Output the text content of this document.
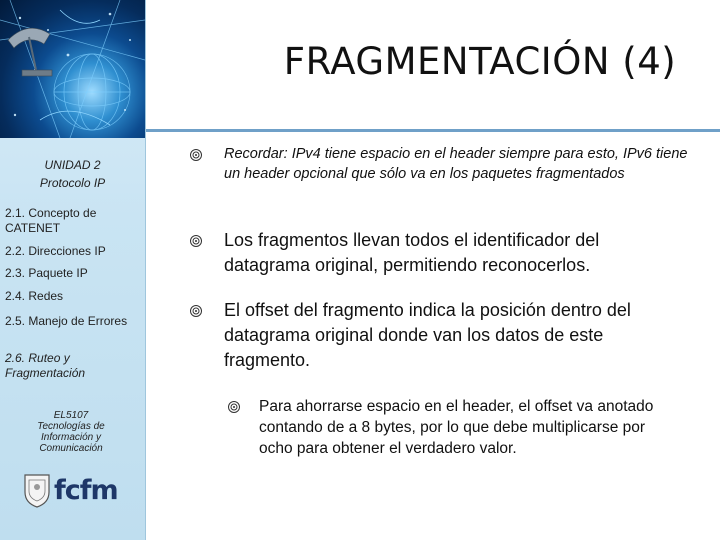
UNIDAD 2
Protocolo IP
2.1. Concepto de CATENET
2.2. Direcciones IP
2.3. Paquete IP
2.4. Redes
2.5. Manejo de Errores
2.6. Ruteo y Fragmentación
EL5107
Tecnologías de
Información y
Comunicación
fcfm
FRAGMENTACIÓN (4)
Recordar: IPv4 tiene espacio en el header siempre para esto, IPv6 tiene un header opcional que sólo va en los paquetes fragmentados
Los fragmentos llevan todos el identificador del datagrama original, permitiendo reconocerlos.
El offset del fragmento indica la posición dentro del datagrama original donde van los datos de este fragmento.
Para ahorrarse espacio en el header, el offset va anotado contando de a 8 bytes, por lo que debe multiplicarse por ocho para obtener el verdadero valor.
